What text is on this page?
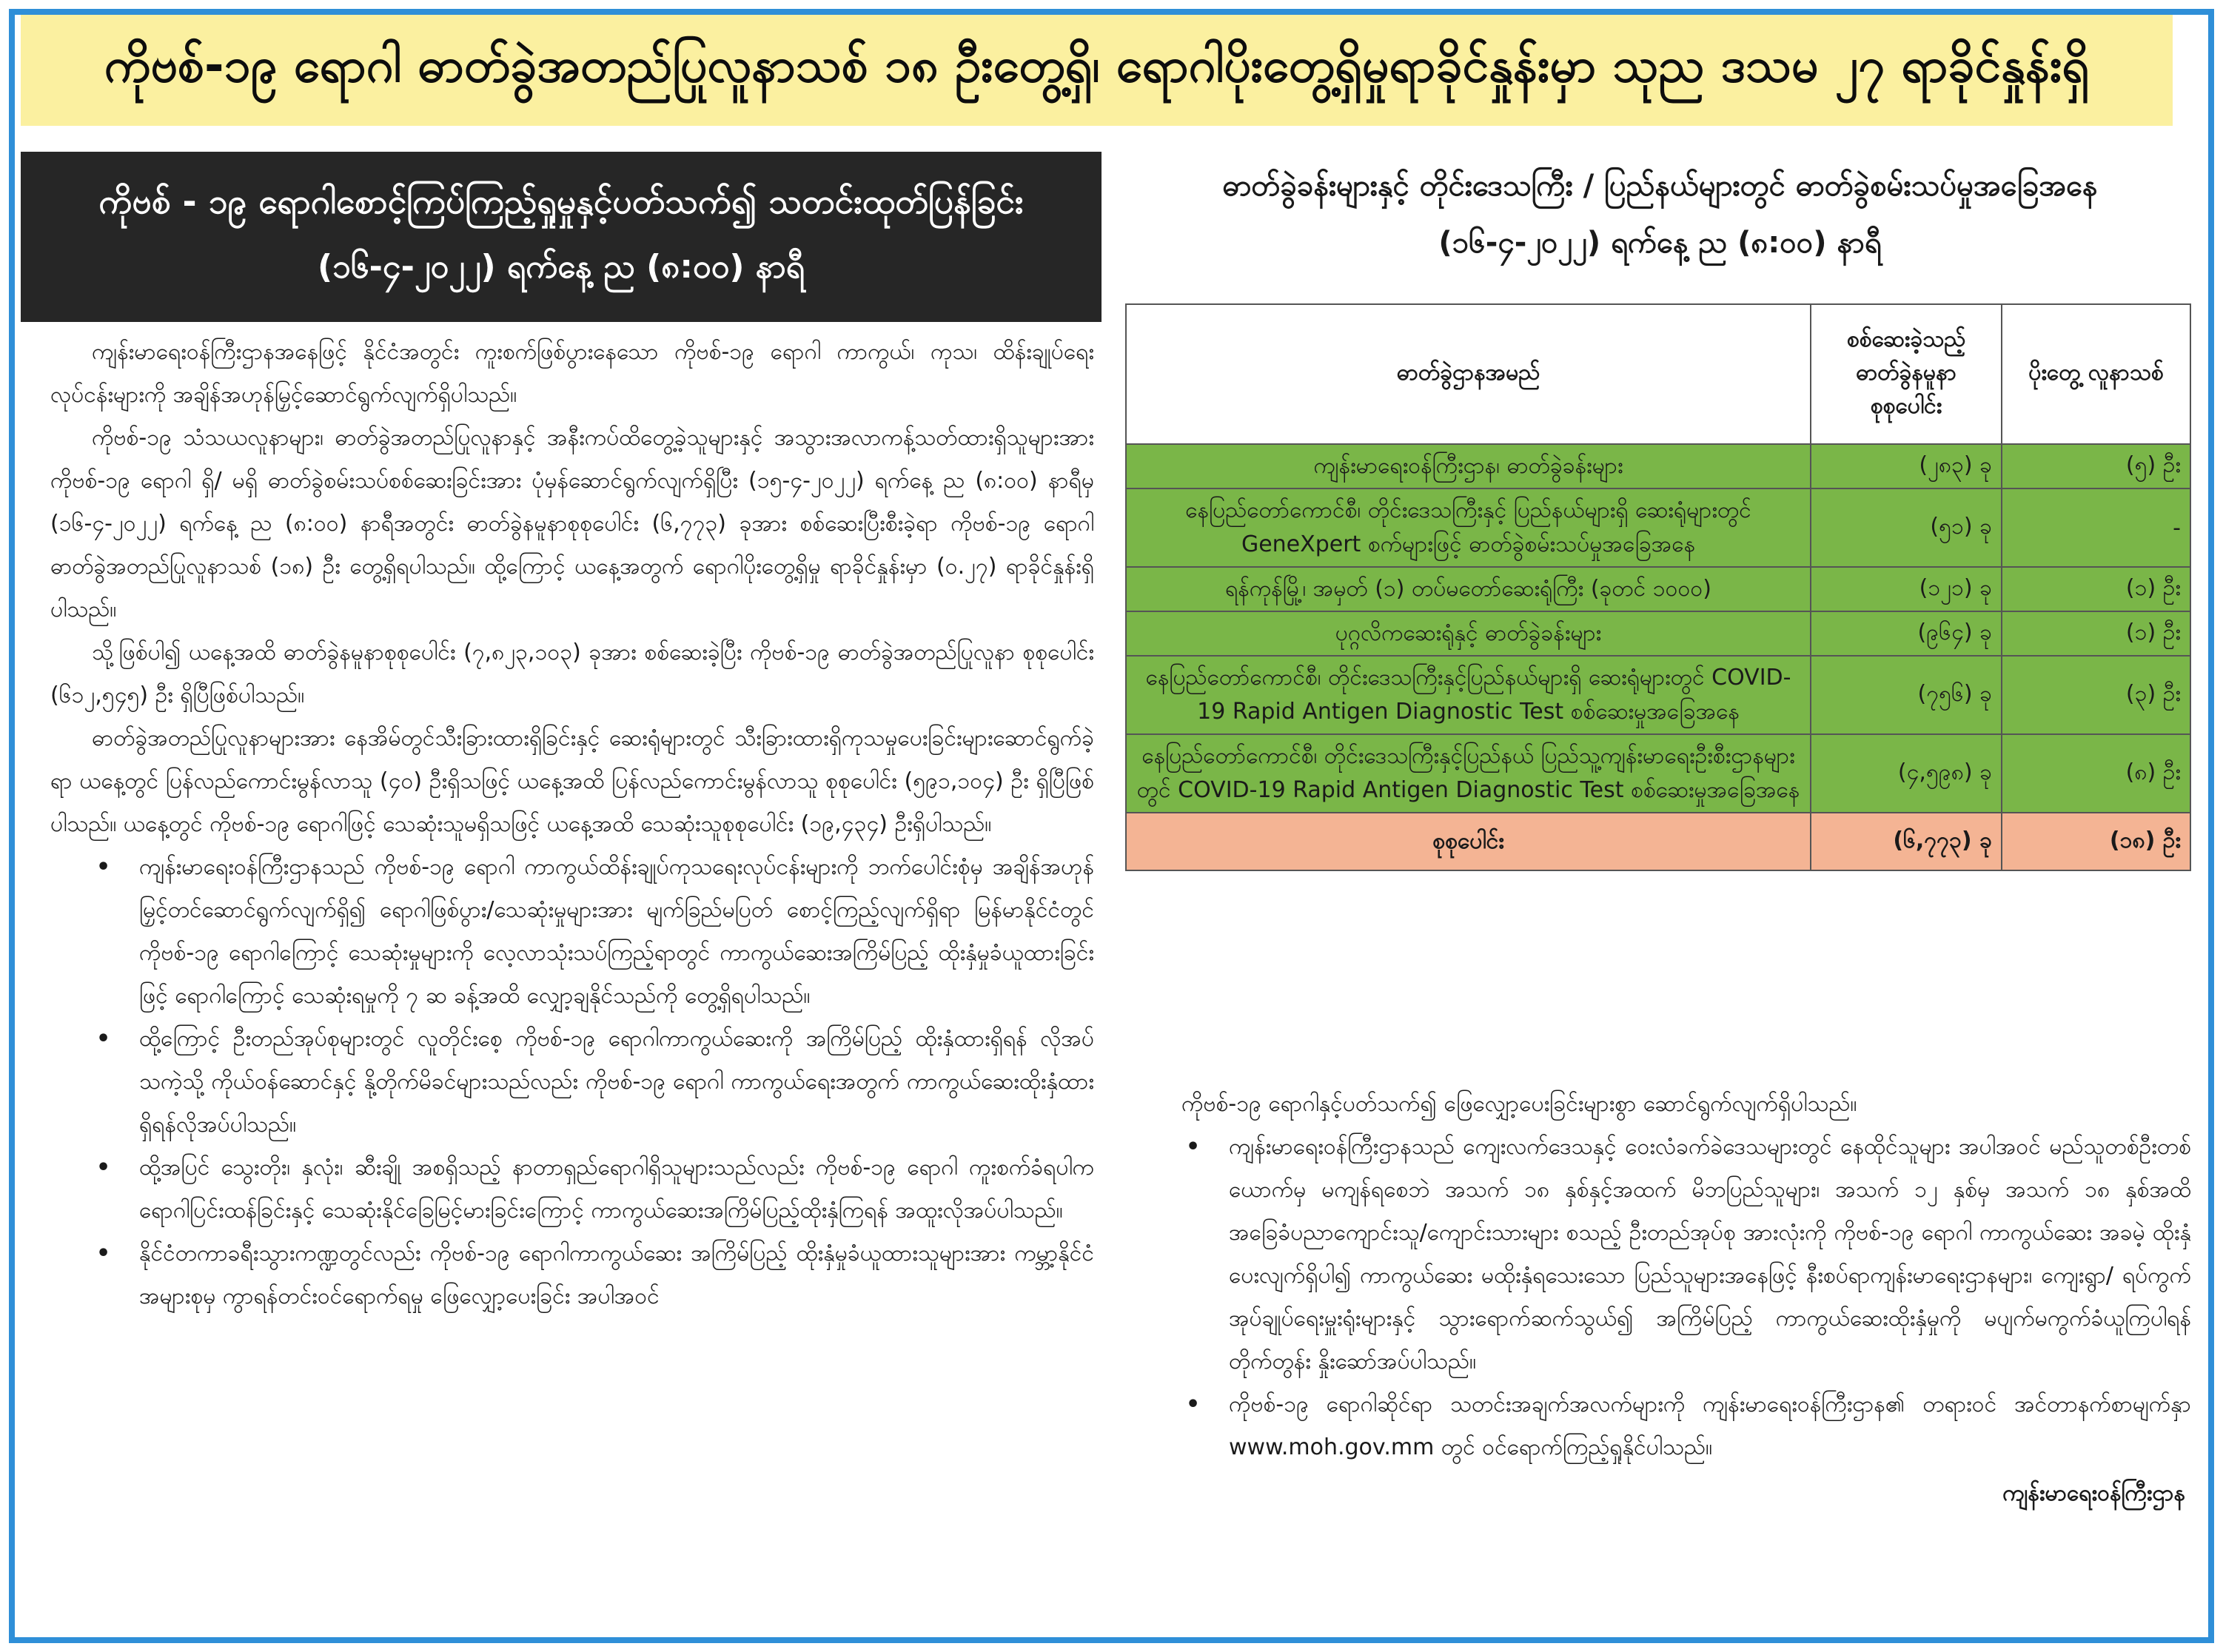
ကိုဗစ်-၁၉ ရောဂါ ဓာတ်ခွဲအတည်ပြုလူနာသစ် ၁၈ ဦးတွေ့ရှိ၊ ရောဂါပိုးတွေ့ရှိမှုရာခိုင်နှုန်းမှာ သုည ဒသမ ၂၇ ရာခိုင်နှုန်းရှိ
ကိုဗစ် - ၁၉ ရောဂါစောင့်ကြပ်ကြည့်ရှုမှုနှင့်ပတ်သက်၍ သတင်းထုတ်ပြန်ခြင်း
(၁၆-၄-၂၀၂၂) ရက်နေ့ ည (၈:၀၀) နာရီ

ကျန်းမာရေးဝန်ကြီးဌာနအနေဖြင့် နိုင်ငံအတွင်း ကူးစက်ဖြစ်ပွားနေသော ကိုဗစ်-၁၉ ရောဂါ ကာကွယ်၊ ကုသ၊ ထိန်းချုပ်ရေးလုပ်ငန်းများကို အချိန်အဟုန်မြှင့်ဆောင်ရွက်လျက်ရှိပါသည်။

ကိုဗစ်-၁၉ သံသယလူနာများ၊ ဓာတ်ခွဲအတည်ပြုလူနာနှင့် အနီးကပ်ထိတွေ့ခဲ့သူများနှင့် အသွားအလာကန့်သတ်ထားရှိသူများအား ကိုဗစ်-၁၉ ရောဂါ ရှိ/ မရှိ ဓာတ်ခွဲစမ်းသပ်စစ်ဆေးခြင်းအား ပုံမှန်ဆောင်ရွက်လျက်ရှိပြီး (၁၅-၄-၂၀၂၂) ရက်နေ့ ည (၈:၀၀) နာရီမှ (၁၆-၄-၂၀၂၂) ရက်နေ့ ည (၈:၀၀) နာရီအတွင်း ဓာတ်ခွဲနမူနာစုစုပေါင်း (၆,၇၇၃) ခုအား စစ်ဆေးပြီးစီးခဲ့ရာ ကိုဗစ်-၁၉ ရောဂါ ဓာတ်ခွဲအတည်ပြုလူနာသစ် (၁၈) ဦး တွေ့ရှိရပါသည်။ ထို့ကြောင့် ယနေ့အတွက် ရောဂါပိုးတွေ့ရှိမှု ရာခိုင်နှုန်းမှာ (၀.၂၇) ရာခိုင်နှုန်းရှိပါသည်။

သို့ဖြစ်ပါ၍ ယနေ့အထိ ဓာတ်ခွဲနမူနာစုစုပေါင်း (၇,၈၂၃,၁၀၃) ခုအား စစ်ဆေးခဲ့ပြီး ကိုဗစ်-၁၉ ဓာတ်ခွဲအတည်ပြုလူနာ စုစုပေါင်း (၆၁၂,၅၄၅) ဦး ရှိပြီဖြစ်ပါသည်။

ဓာတ်ခွဲအတည်ပြုလူနာများအား နေအိမ်တွင်သီးခြားထားရှိခြင်းနှင့် ဆေးရုံများတွင် သီးခြားထားရှိကုသမှုပေးခြင်းများဆောင်ရွက်ခဲ့ရာ ယနေ့တွင် ပြန်လည်ကောင်းမွန်လာသူ (၄၀) ဦးရှိသဖြင့် ယနေ့အထိ ပြန်လည်ကောင်းမွန်လာသူ စုစုပေါင်း (၅၉၁,၁၀၄) ဦး ရှိပြီဖြစ်ပါသည်။ ယနေ့တွင် ကိုဗစ်-၁၉ ရောဂါဖြင့် သေဆုံးသူမရှိသဖြင့် ယနေ့အထိ သေဆုံးသူစုစုပေါင်း (၁၉,၄၃၄) ဦးရှိပါသည်။

• ကျန်းမာရေးဝန်ကြီးဌာနသည် ကိုဗစ်-၁၉ ရောဂါ ကာကွယ်ထိန်းချုပ်ကုသရေးလုပ်ငန်းများကို ဘက်ပေါင်းစုံမှ အချိန်အဟုန်မြှင့်တင်ဆောင်ရွက်လျက်ရှိ၍ ရောဂါဖြစ်ပွား/သေဆုံးမှုများအား မျက်ခြည်မပြတ် စောင့်ကြည့်လျက်ရှိရာ မြန်မာနိုင်ငံတွင် ကိုဗစ်-၁၉ ရောဂါကြောင့် သေဆုံးမှုများကို လေ့လာသုံးသပ်ကြည့်ရာတွင် ကာကွယ်ဆေးအကြိမ်ပြည့် ထိုးနှံမှုခံယူထားခြင်းဖြင့် ရောဂါကြောင့် သေဆုံးရမှုကို ၇ ဆ ခန့်အထိ လျှော့ချနိုင်သည်ကို တွေ့ရှိရပါသည်။
• ထို့ကြောင့် ဦးတည်အုပ်စုများတွင် လူတိုင်းစေ့ ကိုဗစ်-၁၉ ရောဂါကာကွယ်ဆေးကို အကြိမ်ပြည့် ထိုးနှံထားရှိရန် လိုအပ်သကဲ့သို့ ကိုယ်ဝန်ဆောင်နှင့် နို့တိုက်မိခင်များသည်လည်း ကိုဗစ်-၁၉ ရောဂါ ကာကွယ်ရေးအတွက် ကာကွယ်ဆေးထိုးနှံထားရှိရန်လိုအပ်ပါသည်။
• ထို့အပြင် သွေးတိုး၊ နှလုံး၊ ဆီးချို အစရှိသည့် နာတာရှည်ရောဂါရှိသူများသည်လည်း ကိုဗစ်-၁၉ ရောဂါ ကူးစက်ခံရပါက ရောဂါပြင်းထန်ခြင်းနှင့် သေဆုံးနိုင်ခြေမြင့်မားခြင်းကြောင့် ကာကွယ်ဆေးအကြိမ်ပြည့်ထိုးနှံကြရန် အထူးလိုအပ်ပါသည်။
• နိုင်ငံတကာခရီးသွားကဏ္ဍတွင်လည်း ကိုဗစ်-၁၉ ရောဂါကာကွယ်ဆေး အကြိမ်ပြည့် ထိုးနှံမှုခံယူထားသူများအား ကမ္ဘာ့နိုင်ငံအများစုမှ ကွာရန်တင်းဝင်ရောက်ရမှု ဖြေလျှော့ပေးခြင်း အပါအဝင်
ဓာတ်ခွဲခန်းများနှင့် တိုင်းဒေသကြီး / ပြည်နယ်များတွင် ဓာတ်ခွဲစမ်းသပ်မှုအခြေအနေ
(၁၆-၄-၂၀၂၂) ရက်နေ့ ည (၈:၀၀) နာရီ
ဓာတ်ခွဲဌာနအမည်	စစ်ဆေးခဲ့သည့် ဓာတ်ခွဲနမူနာ စုစုပေါင်း	ပိုးတွေ့ လူနာသစ်
ကျန်းမာရေးဝန်ကြီးဌာန၊ ဓာတ်ခွဲခန်းများ	(၂၈၃) ခု	(၅) ဦး
နေပြည်တော်ကောင်စီ၊ တိုင်းဒေသကြီးနှင့် ပြည်နယ်များရှိ ဆေးရုံများတွင် GeneXpert စက်များဖြင့် ဓာတ်ခွဲစမ်းသပ်မှုအခြေအနေ	(၅၁) ခု	-
ရန်ကုန်မြို့၊ အမှတ် (၁) တပ်မတော်ဆေးရုံကြီး (ခုတင် ၁၀၀၀)	(၁၂၁) ခု	(၁) ဦး
ပုဂ္ဂလိကဆေးရုံနှင့် ဓာတ်ခွဲခန်းများ	(၉၆၄) ခု	(၁) ဦး
နေပြည်တော်ကောင်စီ၊ တိုင်းဒေသကြီးနှင့်ပြည်နယ်များရှိ ဆေးရုံများတွင် COVID-19 Rapid Antigen Diagnostic Test စစ်ဆေးမှုအခြေအနေ	(၇၅၆) ခု	(၃) ဦး
နေပြည်တော်ကောင်စီ၊ တိုင်းဒေသကြီးနှင့်ပြည်နယ် ပြည်သူ့ကျန်းမာရေးဦးစီးဌာနများတွင် COVID-19 Rapid Antigen Diagnostic Test စစ်ဆေးမှုအခြေအနေ	(၄,၅၉၈) ခု	(၈) ဦး
စုစုပေါင်း	(၆,၇၇၃) ခု	(၁၈) ဦး

ကိုဗစ်-၁၉ ရောဂါနှင့်ပတ်သက်၍ ဖြေလျှော့ပေးခြင်းများစွာ ဆောင်ရွက်လျက်ရှိပါသည်။

• ကျန်းမာရေးဝန်ကြီးဌာနသည် ကျေးလက်ဒေသနှင့် ဝေးလံခက်ခဲဒေသများတွင် နေထိုင်သူများ အပါအဝင် မည်သူတစ်ဦးတစ်ယောက်မှ မကျန်ရစေဘဲ အသက် ၁၈ နှစ်နှင့်အထက် မိဘပြည်သူများ၊ အသက် ၁၂ နှစ်မှ အသက် ၁၈ နှစ်အထိ အခြေခံပညာကျောင်းသူ/ကျောင်းသားများ စသည့် ဦးတည်အုပ်စု အားလုံးကို ကိုဗစ်-၁၉ ရောဂါ ကာကွယ်ဆေး အခမဲ့ ထိုးနှံပေးလျက်ရှိပါ၍ ကာကွယ်ဆေး မထိုးနှံရသေးသော ပြည်သူများအနေဖြင့် နီးစပ်ရာကျန်းမာရေးဌာနများ၊ ကျေးရွာ/ ရပ်ကွက်အုပ်ချုပ်ရေးမှူးရုံးများနှင့် သွားရောက်ဆက်သွယ်၍ အကြိမ်ပြည့် ကာကွယ်ဆေးထိုးနှံမှုကို မပျက်မကွက်ခံယူကြပါရန် တိုက်တွန်း နှိုးဆော်အပ်ပါသည်။
• ကိုဗစ်-၁၉ ရောဂါဆိုင်ရာ သတင်းအချက်အလက်များကို ကျန်းမာရေးဝန်ကြီးဌာန၏ တရားဝင် အင်တာနက်စာမျက်နှာ www.moh.gov.mm တွင် ဝင်ရောက်ကြည့်ရှုနိုင်ပါသည်။
ကျန်းမာရေးဝန်ကြီးဌာန
